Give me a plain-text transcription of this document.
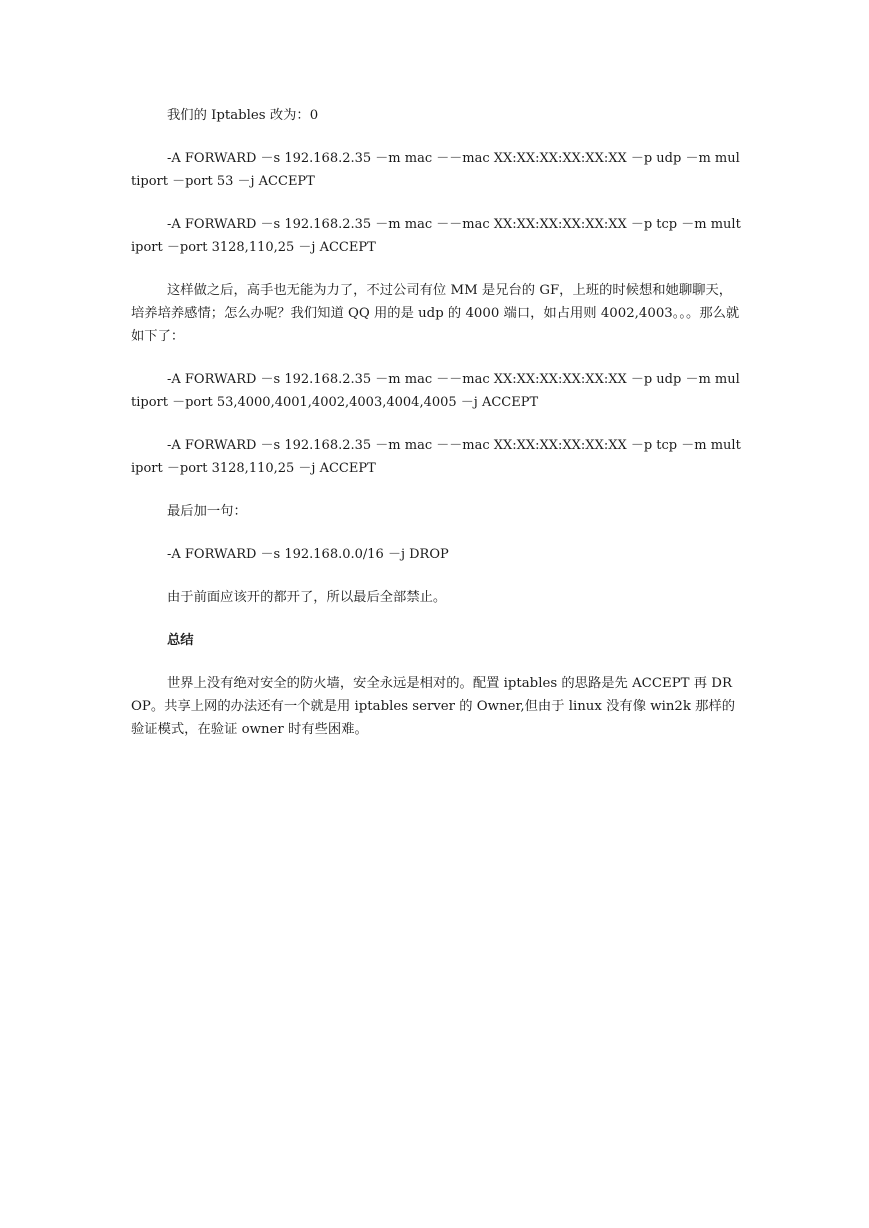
我们的 Iptables 改为：0

-A FORWARD －s 192.168.2.35 －m mac －－mac XX:XX:XX:XX:XX:XX －p udp －m multiport －port 53 －j ACCEPT

-A FORWARD －s 192.168.2.35 －m mac －－mac XX:XX:XX:XX:XX:XX －p tcp －m multiport －port 3128,110,25 －j ACCEPT

这样做之后，高手也无能为力了，不过公司有位 MM 是兄台的 GF，上班的时候想和她聊聊天，培养培养感情；怎么办呢？我们知道 QQ 用的是 udp 的 4000 端口，如占用则 4002,4003。。。那么就如下了：

-A FORWARD －s 192.168.2.35 －m mac －－mac XX:XX:XX:XX:XX:XX －p udp －m multiport －port 53,4000,4001,4002,4003,4004,4005 －j ACCEPT

-A FORWARD －s 192.168.2.35 －m mac －－mac XX:XX:XX:XX:XX:XX －p tcp －m multiport －port 3128,110,25 －j ACCEPT

最后加一句：

-A FORWARD －s 192.168.0.0/16 －j DROP

由于前面应该开的都开了，所以最后全部禁止。

总结

世界上没有绝对安全的防火墙，安全永远是相对的。配置 iptables 的思路是先 ACCEPT 再 DROP。共享上网的办法还有一个就是用 iptables server 的 Owner,但由于 linux 没有像 win2k 那样的验证模式，在验证 owner 时有些困难。
